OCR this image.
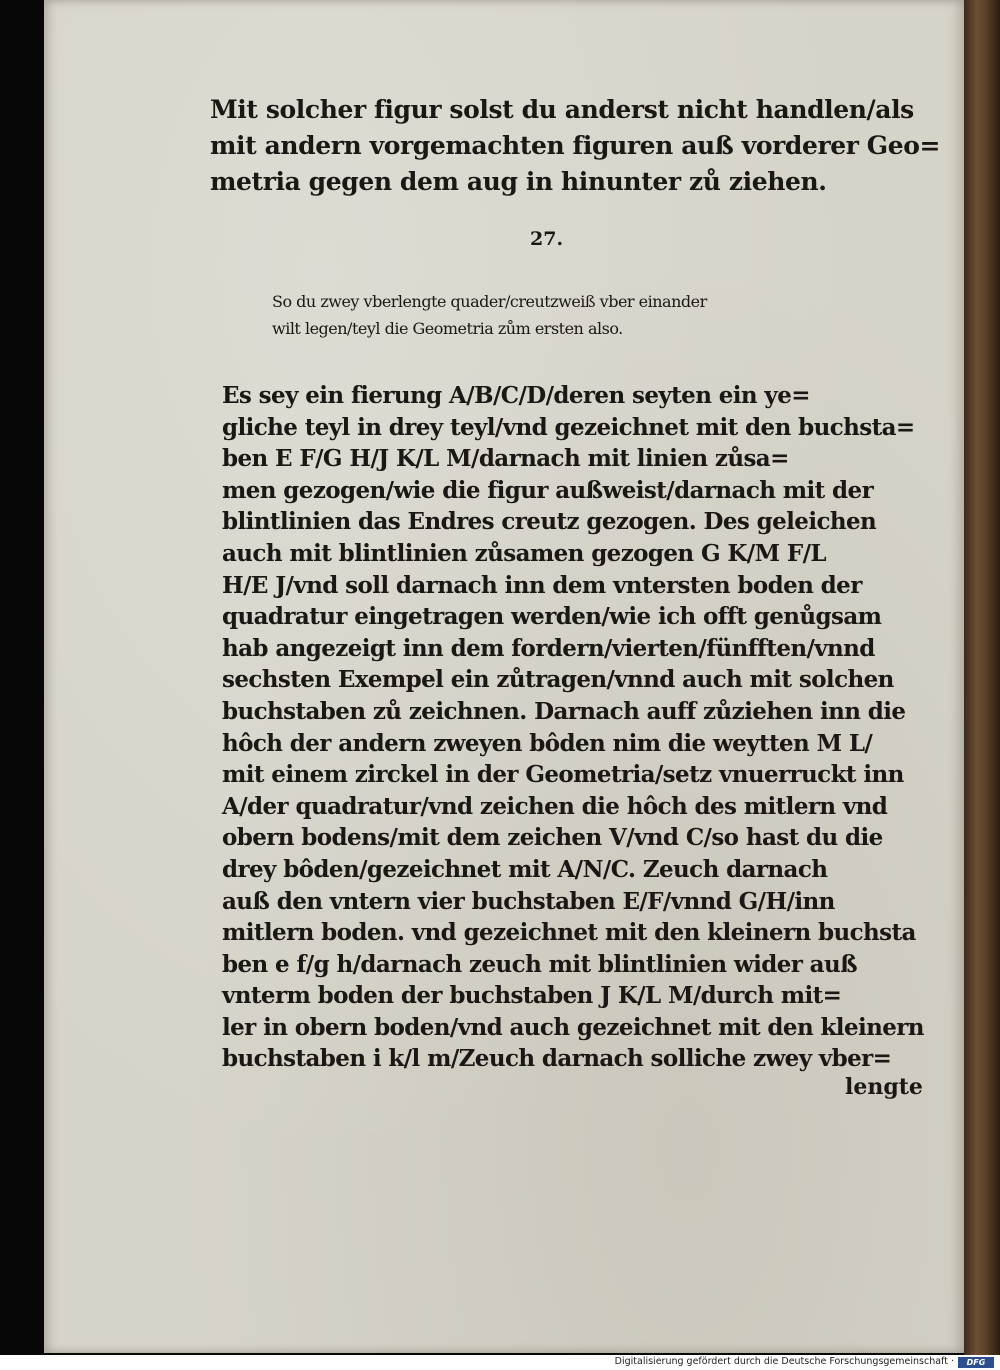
Mit solcher figur solst du anderst nicht handlen/als
mit andern vorgemachten figuren auß vorderer Geo=
metria gegen dem aug in hinunter zů ziehen.
27.
So du zwey vberlengte quader/creutzweiß vber einander
wilt legen/teyl die Geometria zům ersten also.
Es sey ein fierung A/B/C/D/deren seyten ein ye=
gliche teyl in drey teyl/vnd gezeichnet mit den buchsta=
ben E F/G H/J K/L M/darnach mit linien zůsa=
men gezogen/wie die figur außweist/darnach mit der
blintlinien das Endres creutz gezogen. Des geleichen
auch mit blintlinien zůsamen gezogen G K/M F/L
H/E J/vnd soll darnach inn dem vntersten boden der
quadratur eingetragen werden/wie ich offt genůgsam
hab angezeigt inn dem fordern/vierten/fünfften/vnnd
sechsten Exempel ein zůtragen/vnnd auch mit solchen
buchstaben zů zeichnen. Darnach auff zůziehen inn die
hôch der andern zweyen bôden nim die weytten M L/
mit einem zirckel in der Geometria/setz vnuerruckt inn
A/der quadratur/vnd zeichen die hôch des mitlern vnd
obern bodens/mit dem zeichen V/vnd C/so hast du die
drey bôden/gezeichnet mit A/N/C. Zeuch darnach
auß den vntern vier buchstaben E/F/vnnd G/H/inn
mitlern boden. vnd gezeichnet mit den kleinern buchsta
ben e f/g h/darnach zeuch mit blintlinien wider auß
vnterm boden der buchstaben J K/L M/durch mit=
ler in obern boden/vnd auch gezeichnet mit den kleinern
buchstaben i k/l m/Zeuch darnach solliche zwey vber=
lengte
Digitalisierung gefördert durch die Deutsche Forschungsgemeinschaft ·	DFG
